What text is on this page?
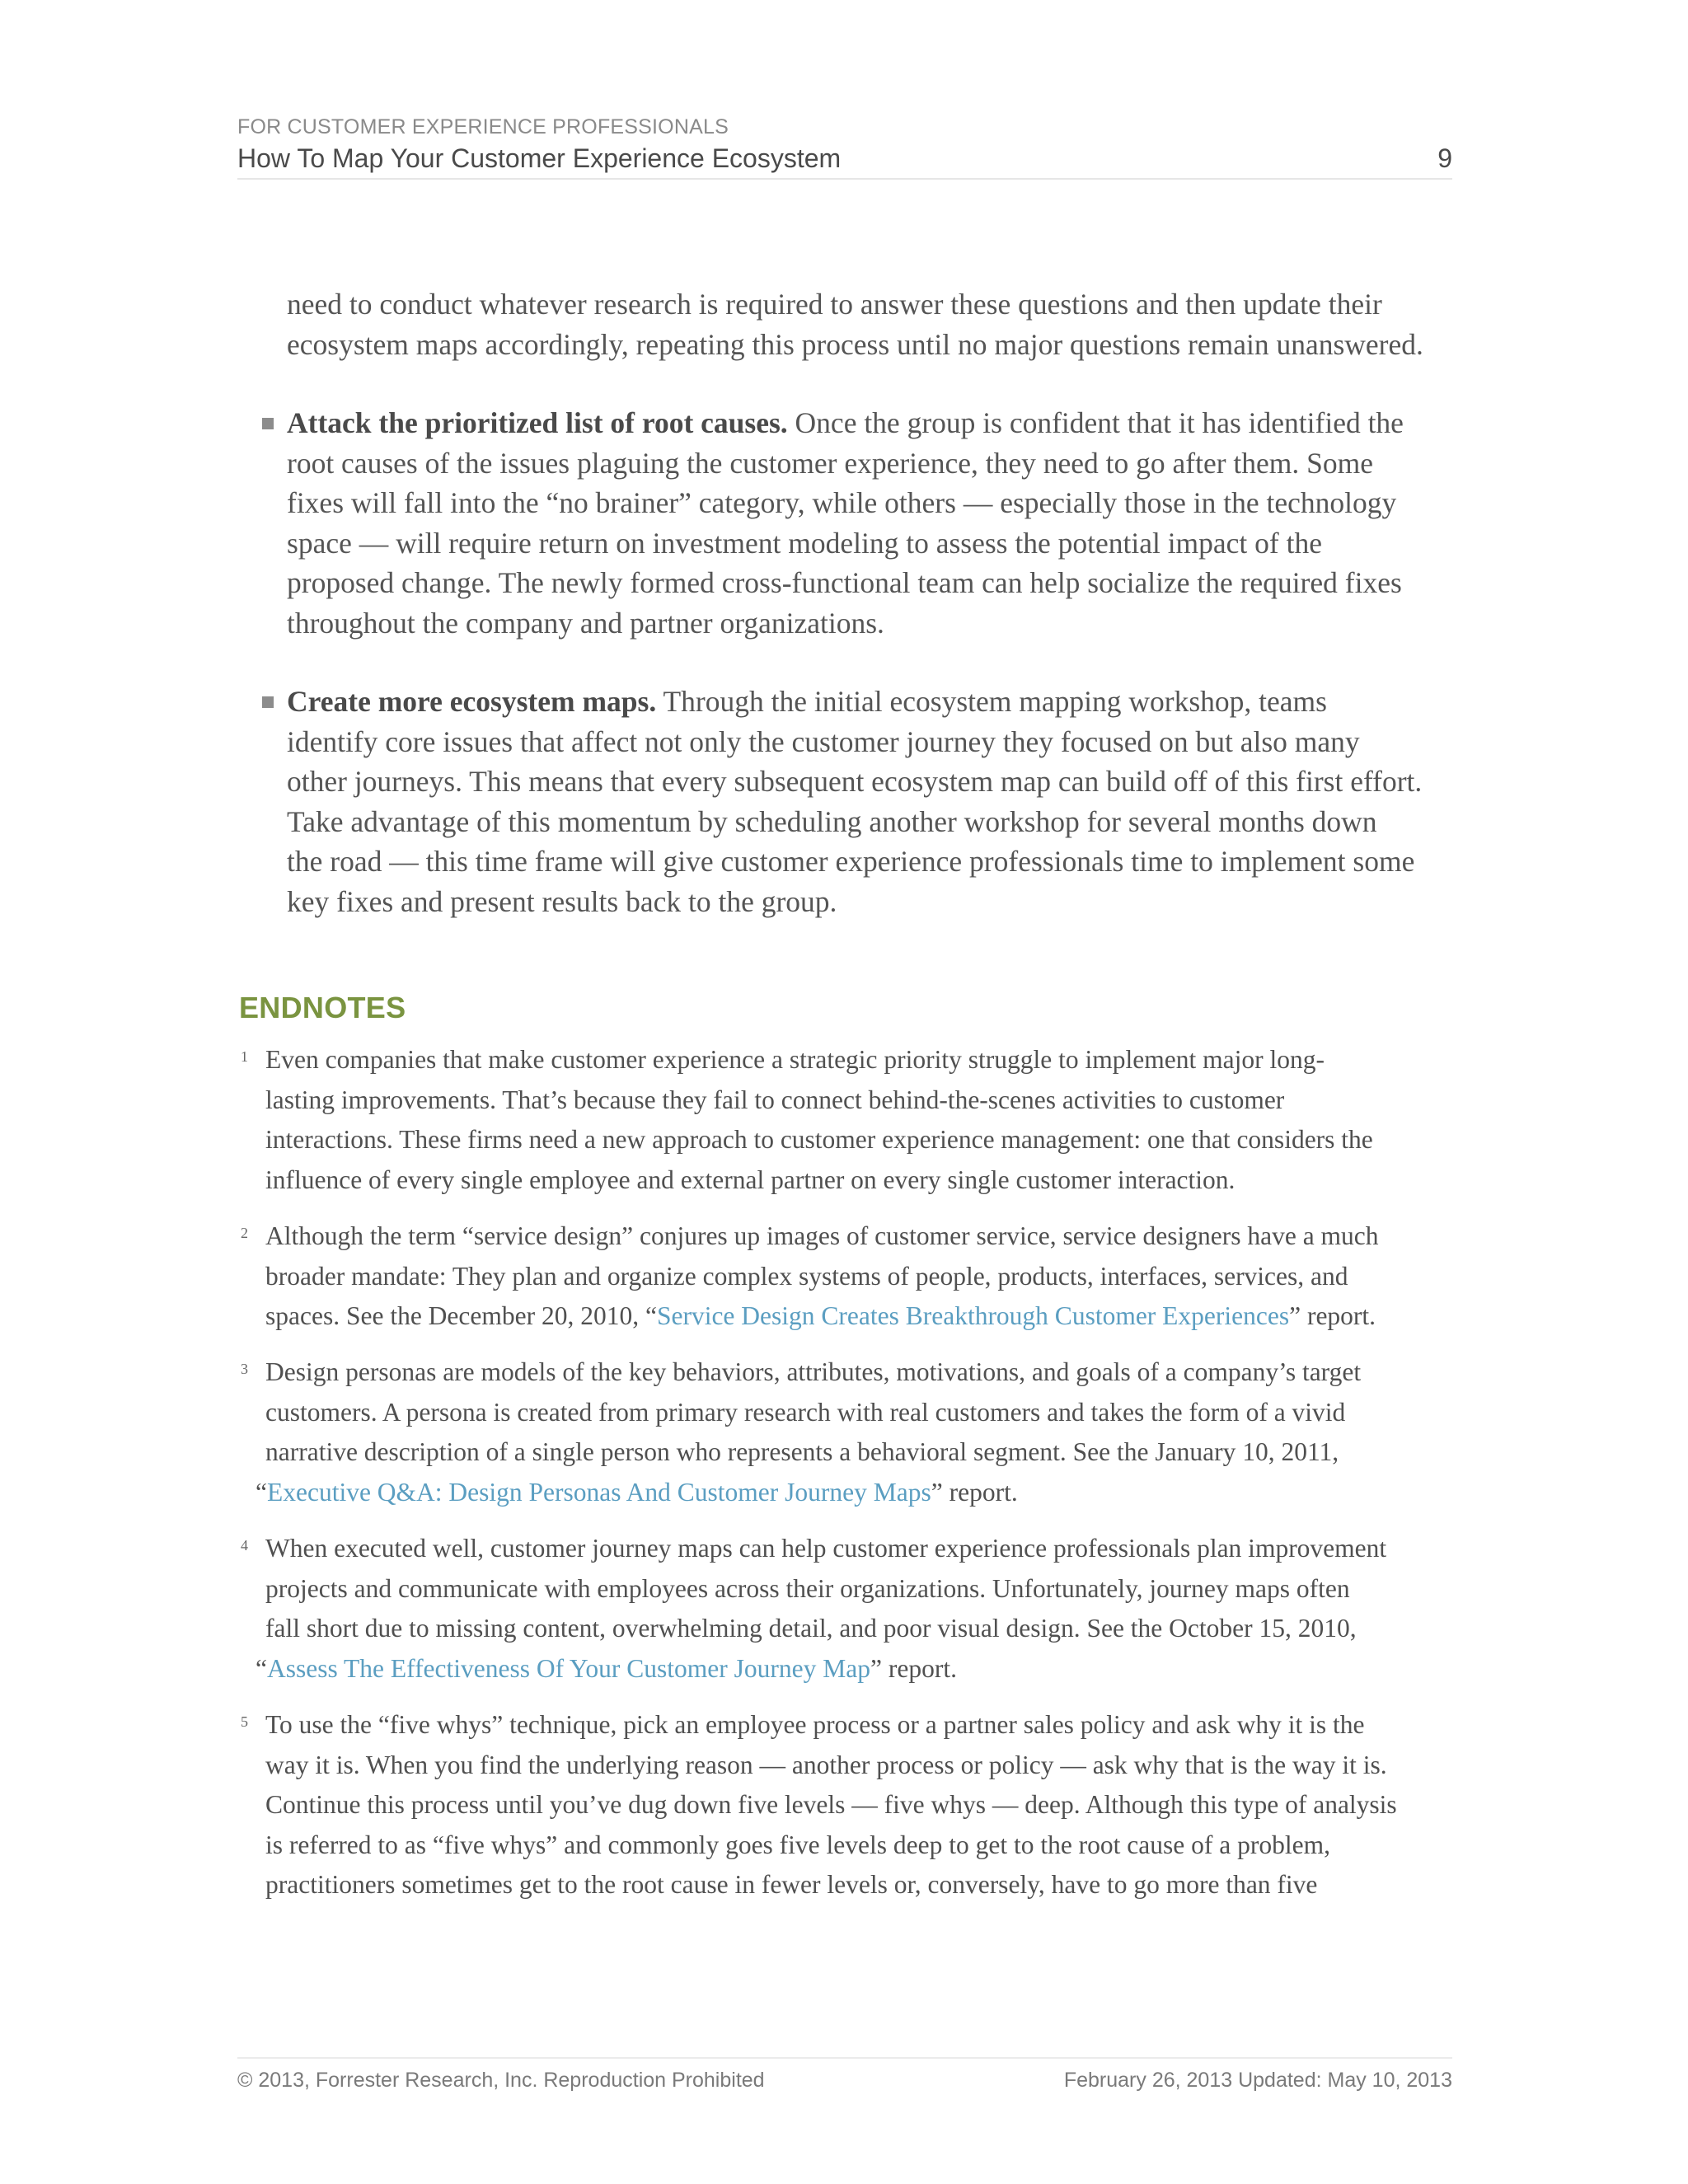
FOR CUSTOMER EXPERIENCE PROFESSIONALS
How To Map Your Customer Experience Ecosystem	9
need to conduct whatever research is required to answer these questions and then update their
ecosystem maps accordingly, repeating this process until no major questions remain unanswered.
Attack the prioritized list of root causes. Once the group is confident that it has identified the
root causes of the issues plaguing the customer experience, they need to go after them. Some
fixes will fall into the “no brainer” category, while others — especially those in the technology
space — will require return on investment modeling to assess the potential impact of the
proposed change. The newly formed cross-functional team can help socialize the required fixes
throughout the company and partner organizations.
Create more ecosystem maps. Through the initial ecosystem mapping workshop, teams
identify core issues that affect not only the customer journey they focused on but also many
other journeys. This means that every subsequent ecosystem map can build off of this first effort.
Take advantage of this momentum by scheduling another workshop for several months down
the road — this time frame will give customer experience professionals time to implement some
key fixes and present results back to the group.
ENDNOTES
1 Even companies that make customer experience a strategic priority struggle to implement major long-
lasting improvements. That’s because they fail to connect behind-the-scenes activities to customer
interactions. These firms need a new approach to customer experience management: one that considers the
influence of every single employee and external partner on every single customer interaction.
2 Although the term “service design” conjures up images of customer service, service designers have a much
broader mandate: They plan and organize complex systems of people, products, interfaces, services, and
spaces. See the December 20, 2010, “Service Design Creates Breakthrough Customer Experiences” report.
3 Design personas are models of the key behaviors, attributes, motivations, and goals of a company’s target
customers. A persona is created from primary research with real customers and takes the form of a vivid
narrative description of a single person who represents a behavioral segment. See the January 10, 2011,
“Executive Q&A: Design Personas And Customer Journey Maps” report.
4 When executed well, customer journey maps can help customer experience professionals plan improvement
projects and communicate with employees across their organizations. Unfortunately, journey maps often
fall short due to missing content, overwhelming detail, and poor visual design. See the October 15, 2010,
“Assess The Effectiveness Of Your Customer Journey Map” report.
5 To use the “five whys” technique, pick an employee process or a partner sales policy and ask why it is the
way it is. When you find the underlying reason — another process or policy — ask why that is the way it is.
Continue this process until you’ve dug down five levels — five whys — deep. Although this type of analysis
is referred to as “five whys” and commonly goes five levels deep to get to the root cause of a problem,
practitioners sometimes get to the root cause in fewer levels or, conversely, have to go more than five
© 2013, Forrester Research, Inc. Reproduction Prohibited	February 26, 2013 Updated: May 10, 2013
